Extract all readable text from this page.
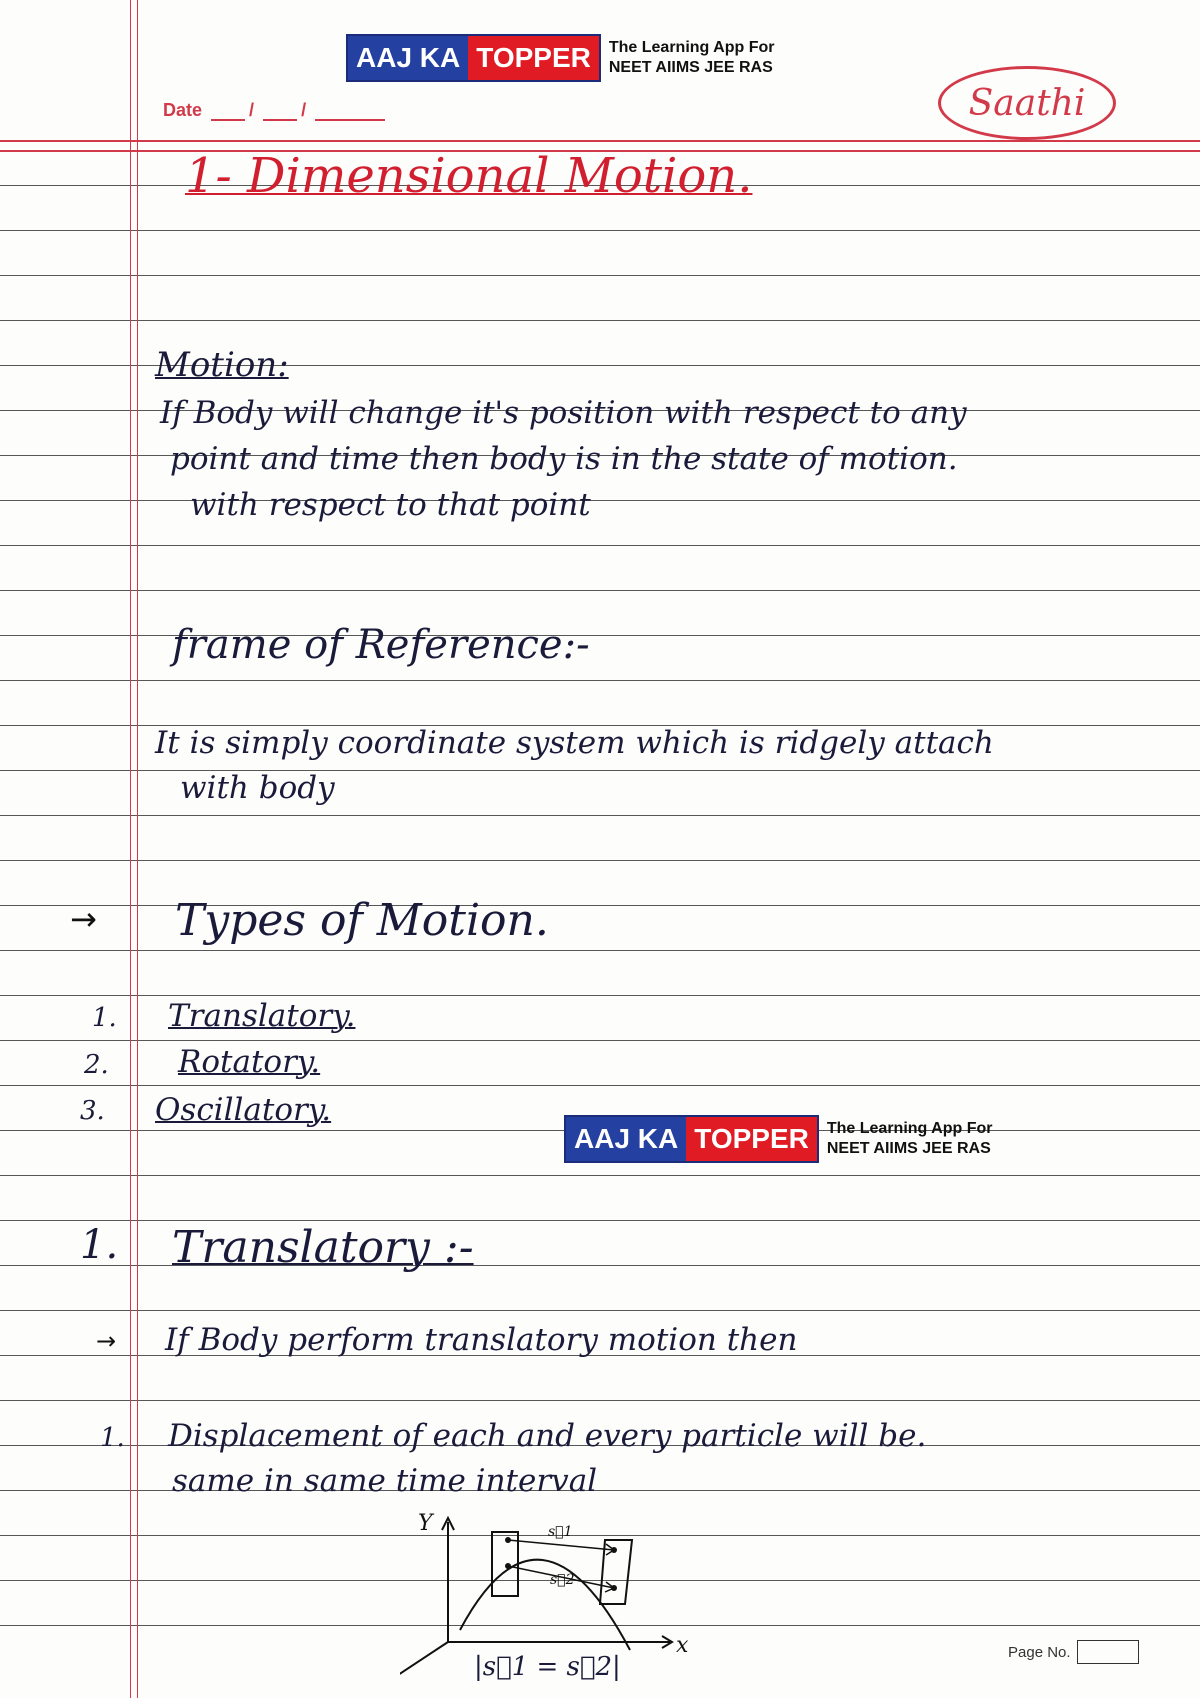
AAJ KA TOPPER	The Learning App For
NEET AIIMS JEE RAS
Date	/	/	Saathi
1- Dimensional Motion.
Motion:
If Body will change it's position with respect to any
point and time then body is in the state of motion.
with respect to that point
frame of Reference:-
It is simply coordinate system which is ridgely attach
with body
→ Types of Motion.
1. Translatory.
2. Rotatory.
3. Oscillatory.
AAJ KA TOPPER	The Learning App For
NEET AIIMS JEE RAS
1. Translatory :-
→ If Body perform translatory motion then
1. Displacement of each and every particle will be.
same in same time interval
Y
x
s⃗1
s⃗2
|s⃗1 = s⃗2|	Page No.
